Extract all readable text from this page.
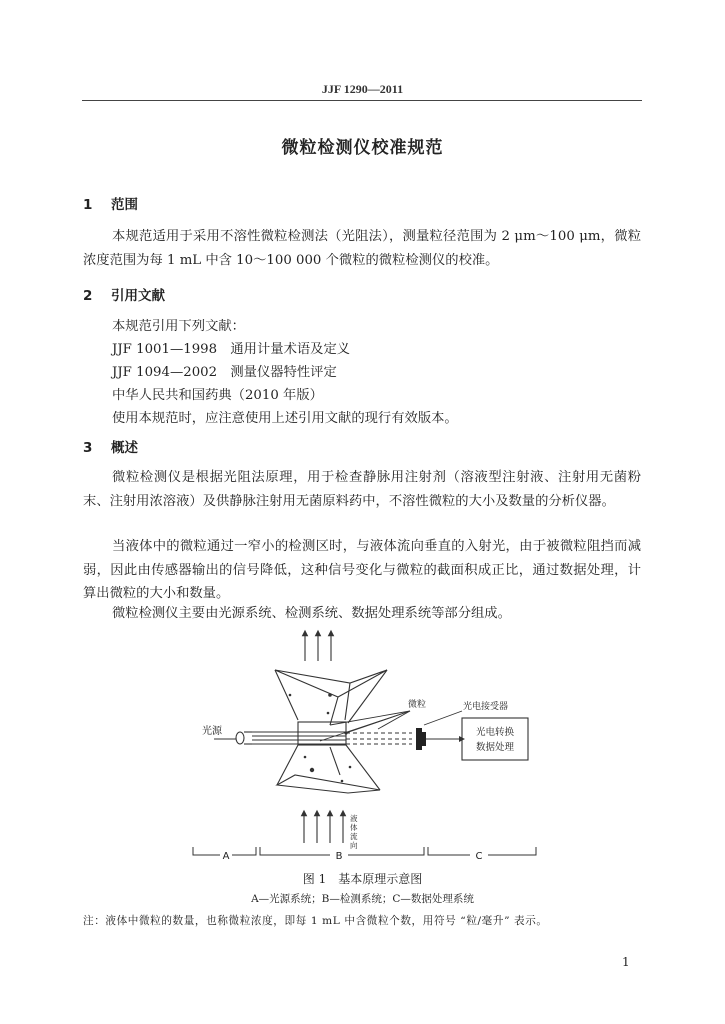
JJF 1290—2011
微粒检测仪校准规范
1 范围
本规范适用于采用不溶性微粒检测法（光阻法），测量粒径范围为 2 μm～100 μm，微粒浓度范围为每 1 mL 中含 10～100 000 个微粒的微粒检测仪的校准。
2 引用文献
本规范引用下列文献：
JJF 1001—1998　通用计量术语及定义
JJF 1094—2002　测量仪器特性评定
中华人民共和国药典（2010 年版）
使用本规范时，应注意使用上述引用文献的现行有效版本。
3 概述
微粒检测仪是根据光阻法原理，用于检查静脉用注射剂（溶液型注射液、注射用无菌粉末、注射用浓溶液）及供静脉注射用无菌原料药中，不溶性微粒的大小及数量的分析仪器。
当液体中的微粒通过一窄小的检测区时，与液体流向垂直的入射光，由于被微粒阻挡而减弱，因此由传感器输出的信号降低，这种信号变化与微粒的截面积成正比，通过数据处理，计算出微粒的大小和数量。
微粒检测仪主要由光源系统、检测系统、数据处理系统等部分组成。
光源
微粒	光电接受器
光电转换
数据处理
液
体
流
向
A	B	C
图 1　基本原理示意图
A—光源系统；B—检测系统；C—数据处理系统
注：液体中微粒的数量，也称微粒浓度，即每 1 mL 中含微粒个数，用符号 “粒/毫升” 表示。
1
